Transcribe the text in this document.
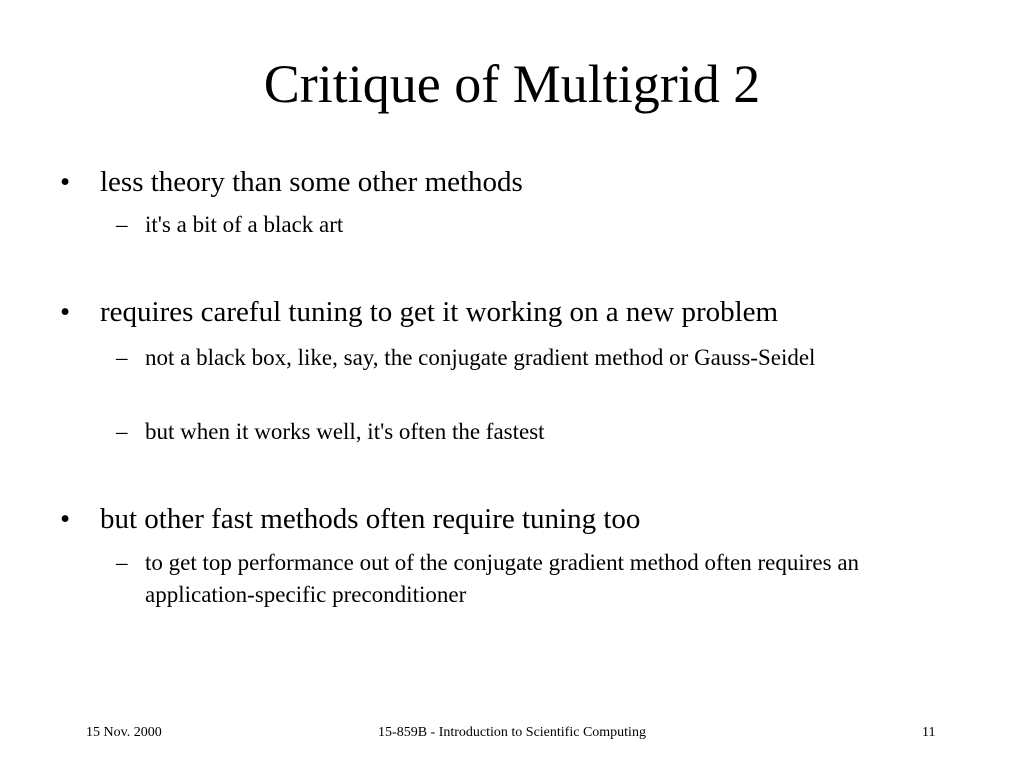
Critique of Multigrid 2
•	less theory than some other methods
– it's a bit of a black art
•	requires careful tuning to get it working on a new problem
– not a black box, like, say, the conjugate gradient method or Gauss-Seidel
– but when it works well, it's often the fastest
•	but other fast methods often require tuning too
– to get top performance out of the conjugate gradient method often requires an application-specific preconditioner
15 Nov. 2000	15-859B - Introduction to Scientific Computing	11
